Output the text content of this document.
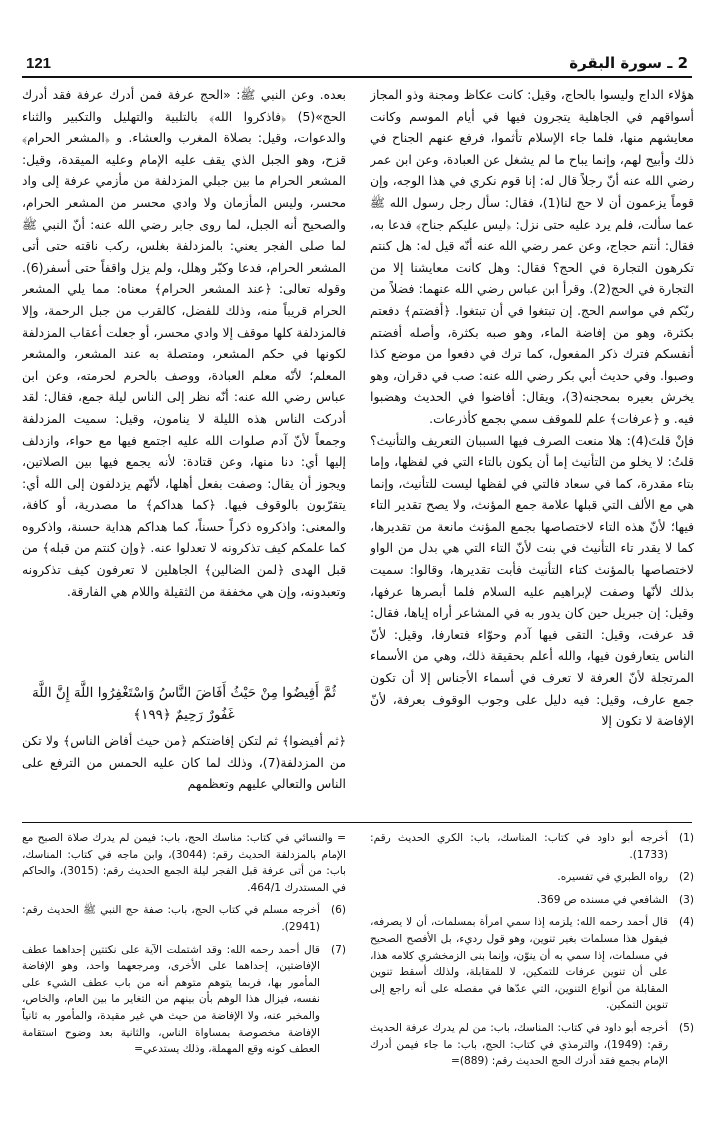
121	2 ـ سورة البقرة

هؤلاء الداج وليسوا بالحاج، وقيل: كانت عكاظ ومجنة وذو المجاز أسواقهم في الجاهلية يتجرون فيها في أيام الموسم وكانت معايشهم منها، فلما جاء الإسلام تأثموا، فرفع عنهم الجناح في ذلك وأبيح لهم، وإنما يباح ما لم يشغل عن العبادة، وعن ابن عمر رضي الله عنه أنّ رجلاً قال له: إنا قوم نكري في هذا الوجه، وإن قوماً يزعمون أن لا حج لنا(1)، فقال: سأل رجل رسول الله ﷺ عما سألت، فلم يرد عليه حتى نزل: ﴿ليس عليكم جناح﴾ فدعا به، فقال: أنتم حجاج، وعن عمر رضي الله عنه أنّه قيل له: هل كنتم تكرهون التجارة في الحج؟ فقال: وهل كانت معايشنا إلا من التجارة في الحج(2). وقرأ ابن عباس رضي الله عنهما: فضلاً من ربّكم في مواسم الحج. إن تبتغوا في أن تبتغوا. ﴿أفضتم﴾ دفعتم بكثرة، وهو من إفاضة الماء، وهو صبه بكثرة، وأصله أفضتم أنفسكم فترك ذكر المفعول، كما ترك في دفعوا من موضع كذا وصبوا. وفي حديث أبي بكر رضي الله عنه: صب في دقران، وهو يخرش بعيره بمحجنه(3)، ويقال: أفاضوا في الحديث وهضبوا فيه. و ﴿عرفات﴾ علم للموقف سمي بجمع كأذرعات.

فإنْ قلتَ(4): هلا منعت الصرف فيها السببان التعريف والتأنيث؟ قلتُ: لا يخلو من التأنيث إما أن يكون بالتاء التي في لفظها، وإما بتاء مقدرة، كما في سعاد فالتي في لفظها ليست للتأنيث، وإنما هي مع الألف التي قبلها علامة جمع المؤنث، ولا يصح تقدير التاء فيها؛ لأنّ هذه التاء لاختصاصها بجمع المؤنث مانعة من تقديرها، كما لا يقدر تاء التأنيث في بنت لأنّ التاء التي هي بدل من الواو لاختصاصها بالمؤنث كتاء التأنيث فأبت تقديرها، وقالوا: سميت بذلك لأنّها وصفت لإبراهيم عليه السلام فلما أبصرها عرفها، وقيل: إن جبريل حين كان يدور به في المشاعر أراه إياها، فقال: قد عرفت، وقيل: التقى فيها آدم وحوّاء فتعارفا، وقيل: لأنّ الناس يتعارفون فيها، والله أعلم بحقيقة ذلك، وهي من الأسماء المرتجلة لأنّ العرفة لا تعرف في أسماء الأجناس إلا أن تكون جمع عارف، وقيل: فيه دليل على وجوب الوقوف بعرفة، لأنّ الإفاضة لا تكون إلا

بعده. وعن النبي ﷺ: «الحج عرفة فمن أدرك عرفة فقد أدرك الحج»(5) ﴿فاذكروا الله﴾ بالتلبية والتهليل والتكبير والثناء والدعوات، وقيل: بصلاة المغرب والعشاء. و ﴿المشعر الحرام﴾ قزح، وهو الجبل الذي يقف عليه الإمام وعليه الميقدة، وقيل: المشعر الحرام ما بين جبلي المزدلفة من مأزمي عرفة إلى واد محسر، وليس المأزمان ولا وادي محسر من المشعر الحرام، والصحيح أنه الجبل، لما روى جابر رضي الله عنه: أنّ النبي ﷺ لما صلى الفجر يعني: بالمزدلفة بغلس، ركب ناقته حتى أتى المشعر الحرام، فدعا وكبّر وهلل، ولم يزل واقفاً حتى أسفر(6). وقوله تعالى: ﴿عند المشعر الحرام﴾ معناه: مما يلي المشعر الحرام قريباً منه، وذلك للفضل، كالقرب من جبل الرحمة، وإلا فالمزدلفة كلها موقف إلا وادي محسر، أو جعلت أعقاب المزدلفة لكونها في حكم المشعر، ومتصلة به عند المشعر، والمشعر المعلم؛ لأنّه معلم العبادة، ووصف بالحرم لحرمته، وعن ابن عباس رضي الله عنه: أنّه نظر إلى الناس ليلة جمع، فقال: لقد أدركت الناس هذه الليلة لا ينامون، وقيل: سميت المزدلفة وجمعاً لأنّ آدم صلوات الله عليه اجتمع فيها مع حواء، وازدلف إليها أي: دنا منها، وعن قتادة: لأنه يجمع فيها بين الصلاتين، ويجوز أن يقال: وصفت بفعل أهلها، لأنّهم يزدلفون إلى الله أي: يتقرّبون بالوقوف فيها. ﴿كما هداكم﴾ ما مصدرية، أو كافة، والمعنى: واذكروه ذكراً حسناً، كما هداكم هداية حسنة، واذكروه كما علمكم كيف تذكرونه لا تعدلوا عنه. ﴿وإن كنتم من قبله﴾ من قبل الهدى ﴿لمن الضالين﴾ الجاهلين لا تعرفون كيف تذكرونه وتعبدونه، وإن هي مخففة من الثقيلة واللام هي الفارقة.

ثُمَّ أَفِيضُوا مِنْ حَيْثُ أَفَاضَ النَّاسُ وَاسْتَغْفِرُوا اللَّهَ إِنَّ اللَّهَ غَفُورٌ رَحِيمٌ ﴿١٩٩﴾

﴿ثم أفيضوا﴾ ثم لتكن إفاضتكم ﴿من حيث أفاض الناس﴾ ولا تكن من المزدلفة(7)، وذلك لما كان عليه الحمس من الترفع على الناس والتعالي عليهم وتعظمهم

(1)
أخرجه أبو داود في كتاب: المناسك، باب: الكري الحديث رقم: (1733).
(2)
رواه الطبري في تفسيره.
(3)
الشافعي في مسنده ص 369.
(4)
قال أحمد رحمه الله: يلزمه إذا سمي امرأة بمسلمات، أن لا يصرفه، فيقول هذا مسلمات بغير تنوين، وهو قول رديء، بل الأفصح الصحيح في مسلمات، إذا سمي به أن ينوّن، وإنما بنى الزمخشري كلامه هذا، على أن تنوين عرفات للتمكين، لا للمقابلة، ولذلك أسقط تنوين المقابلة من أنواع التنوين، التي عدّها في مفصله على أنه راجع إلى تنوين التمكين.
(5)
أخرجه أبو داود في كتاب: المناسك، باب: من لم يدرك عرفة الحديث رقم: (1949)، والترمذي في كتاب: الحج، باب: ما جاء فيمن أدرك الإمام بجمع فقد أدرك الحج الحديث رقم: (889)=
= والنسائي في كتاب: مناسك الحج، باب: فيمن لم يدرك صلاة الصبح مع الإمام بالمزدلفة الحديث رقم: (3044)، وابن ماجه في كتاب: المناسك، باب: من أتى عرفة قبل الفجر ليلة الجمع الحديث رقم: (3015)، والحاكم في المستدرك 464/1.
(6)
أخرجه مسلم في كتاب الحج، باب: صفة حج النبي ﷺ الحديث رقم: (2941).
(7)
قال أحمد رحمه الله: وقد اشتملت الآية على نكتتين إحداهما عطف الإفاضتين، إحداهما على الأخرى، ومرجعهما واحد، وهو الإفاضة المأمور بها، فربما يتوهم متوهم أنه من باب عطف الشيء على نفسه، فيزال هذا الوهم بأن بينهم من التغاير ما بين العام، والخاص، والمخبر عنه، ولا الإفاضة من حيث هي غير مقيدة، والمأمور به ثانياً الإفاضة مخصوصة بمساواة الناس، والثانية بعد وضوح استقامة العطف كونه وقع المهملة، وذلك يستدعي=
